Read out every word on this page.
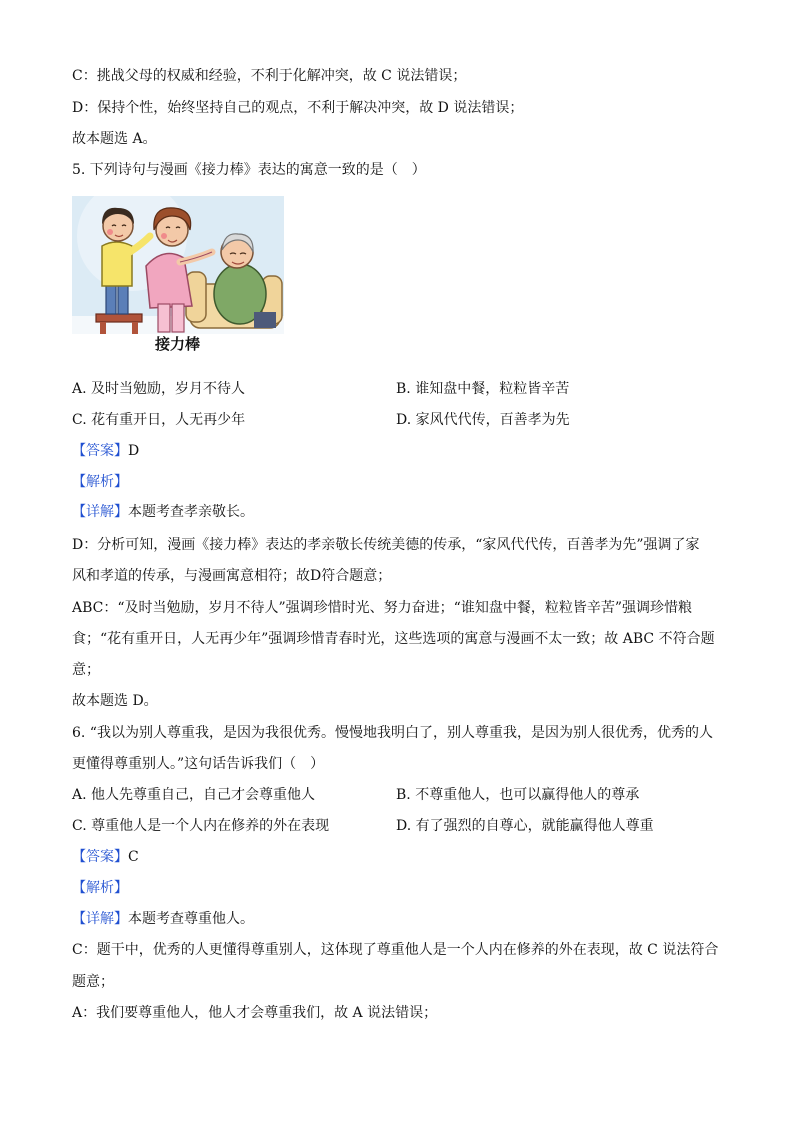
C：挑战父母的权威和经验，不利于化解冲突，故 C 说法错误；
D：保持个性，始终坚持自己的观点，不利于解决冲突，故 D 说法错误；
故本题选 A。
5. 下列诗句与漫画《接力棒》表达的寓意一致的是（　）
接力棒
A. 及时当勉励，岁月不待人	B. 谁知盘中餐，粒粒皆辛苦
C. 花有重开日，人无再少年	D. 家风代代传，百善孝为先
【答案】D
【解析】
【详解】本题考查孝亲敬长。
D：分析可知，漫画《接力棒》表达的孝亲敬长传统美德的传承，“家风代代传，百善孝为先”强调了家
风和孝道的传承，与漫画寓意相符；故D符合题意；
ABC：“及时当勉励，岁月不待人”强调珍惜时光、努力奋进；“谁知盘中餐，粒粒皆辛苦”强调珍惜粮
食；“花有重开日，人无再少年”强调珍惜青春时光，这些选项的寓意与漫画不太一致；故 ABC 不符合题
意；
故本题选 D。
6. “我以为别人尊重我，是因为我很优秀。慢慢地我明白了，别人尊重我，是因为别人很优秀，优秀的人
更懂得尊重别人。”这句话告诉我们（　）
A. 他人先尊重自己，自己才会尊重他人	B. 不尊重他人，也可以赢得他人的尊承
C. 尊重他人是一个人内在修养的外在表现	D. 有了强烈的自尊心，就能赢得他人尊重
【答案】C
【解析】
【详解】本题考查尊重他人。
C：题干中，优秀的人更懂得尊重别人，这体现了尊重他人是一个人内在修养的外在表现，故 C 说法符合
题意；
A：我们要尊重他人，他人才会尊重我们，故 A 说法错误；
